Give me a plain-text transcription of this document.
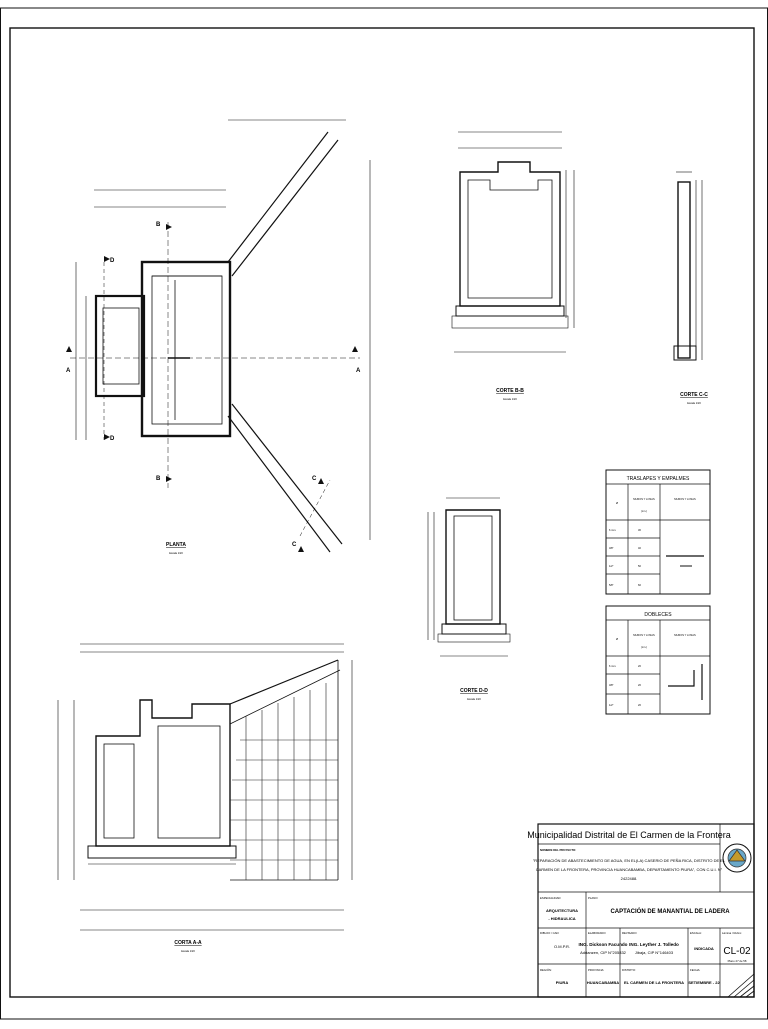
A	A
B
B
D
D
C
C
PLANTA
Escala 1/20
CORTE B-B
Escala 1/20
CORTE C-C
Escala 1/20
CORTE D-D
Escala 1/20
CORTA A-A
Escala 1/20
TRASLAPES Y EMPALMES
Ø
MUROS Y LOSAS
(cm.)
MUROS Y LOSAS
6 mm.	30
3/8"	40
1/2"	50
5/8"	60
DOBLECES
Ø
MUROS Y LOSAS
(cm.)
MUROS Y LOSAS
6 mm.	20
3/8"	20
1/2"	20
Municipalidad Distrital de El Carmen de la Frontera
NOMBRE DEL PROYECTO:
"REPARACIÓN DE ABASTECIMIENTO DE AGUA, EN EL(LA) CASERIO DE PEÑA RICA, DISTRITO DE EL
CARMEN DE LA FRONTERA, PROVINCIA HUANCABAMBA, DEPARTAMENTO PIURA", CON C.U.I. N°
2422488.
ESPECIALIDAD:
ARQUITECTURA
- HIDRAULICA
PLANO:
CAPTACIÓN DE MANANTIAL DE LADERA
DIBUJO / CAD:
O.M.P.R.
ELABORADO:
ING. Dickson Facundo
Adrianzen, CIP N°205832
REVISADO:
ING. Leyther J. Tolledo
Jibaja, CIP N°146403
ESCALA:
INDICADA
Lámina / Rubro:
CL-02
Plano 27 de 58
REGIÓN:
PIURA
PROVINCIA:
HUANCABAMBA
DISTRITO:
EL CARMEN DE LA FRONTERA
FECHA:
SETIEMBRE - 22
